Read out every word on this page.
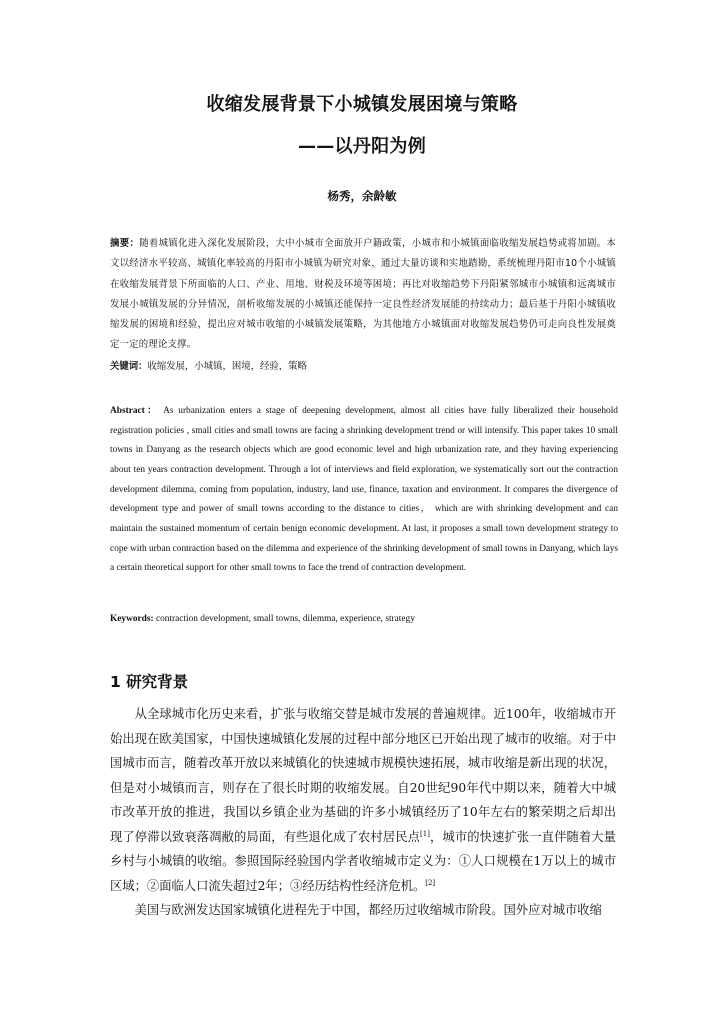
收缩发展背景下小城镇发展困境与策略
——以丹阳为例
杨秀，余龄敏
摘要：随着城镇化进入深化发展阶段，大中小城市全面放开户籍政策，小城市和小城镇面临收缩发展趋势或将加剧。本文以经济水平较高、城镇化率较高的丹阳市小城镇为研究对象，通过大量访谈和实地踏勘，系统梳理丹阳市10个小城镇在收缩发展背景下所面临的人口、产业、用地、财税及环境等困境；再比对收缩趋势下丹阳紧邻城市小城镇和远离城市发展小城镇发展的分异情况，剖析收缩发展的小城镇还能保持一定良性经济发展能的持续动力；最后基于丹阳小城镇收缩发展的困境和经验，提出应对城市收缩的小城镇发展策略，为其他地方小城镇面对收缩发展趋势仍可走向良性发展奠定一定的理论支撑。
关键词：收缩发展，小城镇，困境，经验，策略
Abstract： As urbanization enters a stage of deepening development, almost all cities have fully liberalized their household registration policies , small cities and small towns are facing a shrinking development trend or will intensify. This paper takes 10 small towns in Danyang as the research objects which are good economic level and high urbanization rate, and they having experiencing about ten years contraction development. Through a lot of interviews and field exploration, we systematically sort out the contraction development dilemma, coming from population, industry, land use, finance, taxation and environment. It compares the divergence of development type and power of small towns according to the distance to cities， which are with shrinking development and can maintain the sustained momentum of certain benign economic development. At last, it proposes a small town development strategy to cope with urban contraction based on the dilemma and experience of the shrinking development of small towns in Danyang, which lays a certain theoretical support for other small towns to face the trend of contraction development.
Keywords: contraction development, small towns, dilemma, experience, strategy
1 研究背景

从全球城市化历史来看，扩张与收缩交替是城市发展的普遍规律。近100年，收缩城市开始出现在欧美国家，中国快速城镇化发展的过程中部分地区已开始出现了城市的收缩。对于中国城市而言，随着改革开放以来城镇化的快速城市规模快速拓展，城市收缩是新出现的状况，但是对小城镇而言，则存在了很长时期的收缩发展。自20世纪90年代中期以来，随着大中城市改革开放的推进，我国以乡镇企业为基础的许多小城镇经历了10年左右的繁荣期之后却出现了停滞以致衰落凋敝的局面，有些退化成了农村居民点[1]，城市的快速扩张一直伴随着大量乡村与小城镇的收缩。参照国际经验国内学者收缩城市定义为：①人口规模在1万以上的城市区域；②面临人口流失超过2年；③经历结构性经济危机。[2]

美国与欧洲发达国家城镇化进程先于中国，都经历过收缩城市阶段。国外应对城市收缩
